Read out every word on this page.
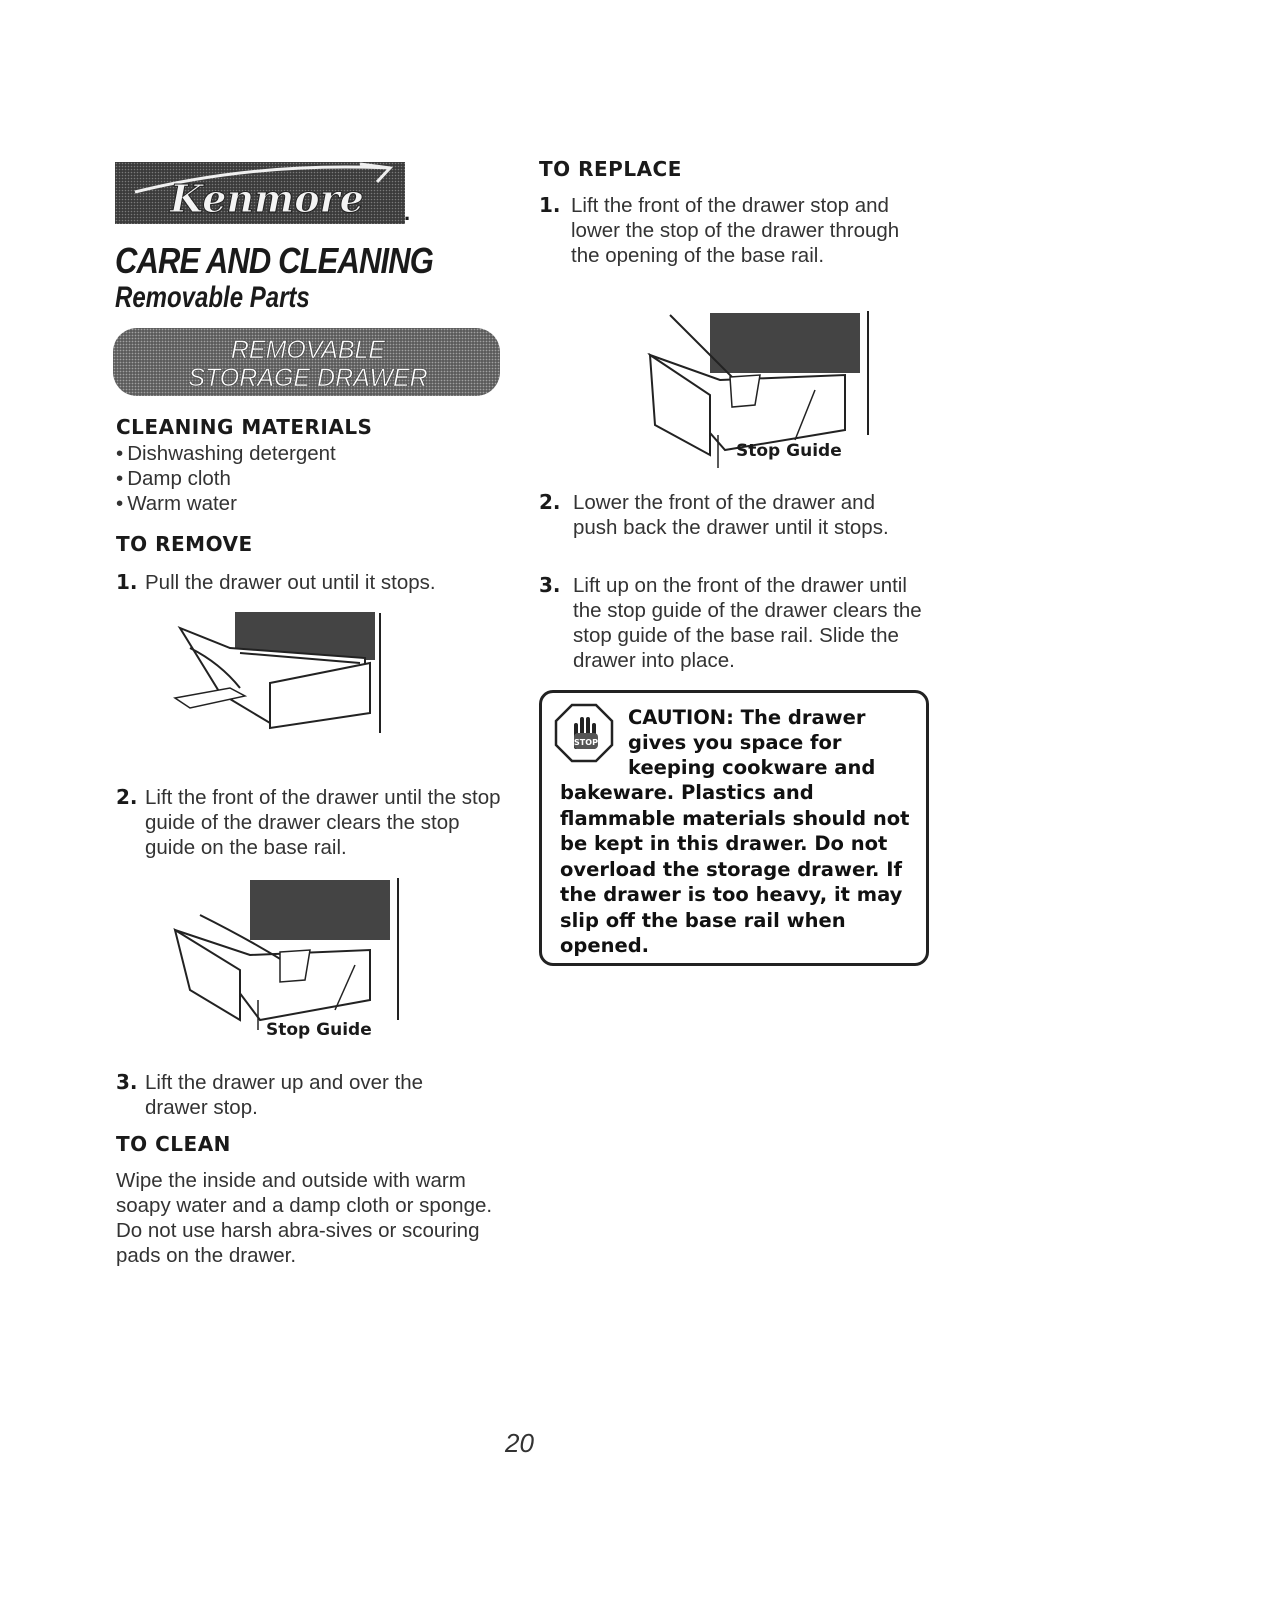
Kenmore .
CARE AND CLEANING
Removable Parts
REMOVABLE
STORAGE DRAWER
CLEANING MATERIALS
• Dishwashing detergent
• Damp cloth
• Warm water
TO REMOVE
1. Pull the drawer out until it stops.
2. Lift the front of the drawer until the stop guide of the drawer clears the stop guide on the base rail.
Stop Guide
3. Lift the drawer up and over the drawer stop.
TO CLEAN
Wipe the inside and outside with warm soapy water and a damp cloth or sponge. Do not use harsh abra-sives or scouring pads on the drawer.
TO REPLACE
1. Lift the front of the drawer stop and lower the stop of the drawer through the opening of the base rail.
Stop Guide
2. Lower the front of the drawer and push back the drawer until it stops.
3. Lift up on the front of the drawer until the stop guide of the drawer clears the stop guide of the base rail. Slide the drawer into place.
STOP
CAUTION: The drawer
gives you space for
keeping cookware and
bakeware. Plastics and flammable materials should not be kept in this drawer. Do not overload the storage drawer. If the drawer is too heavy, it may slip off the base rail when opened.
20
